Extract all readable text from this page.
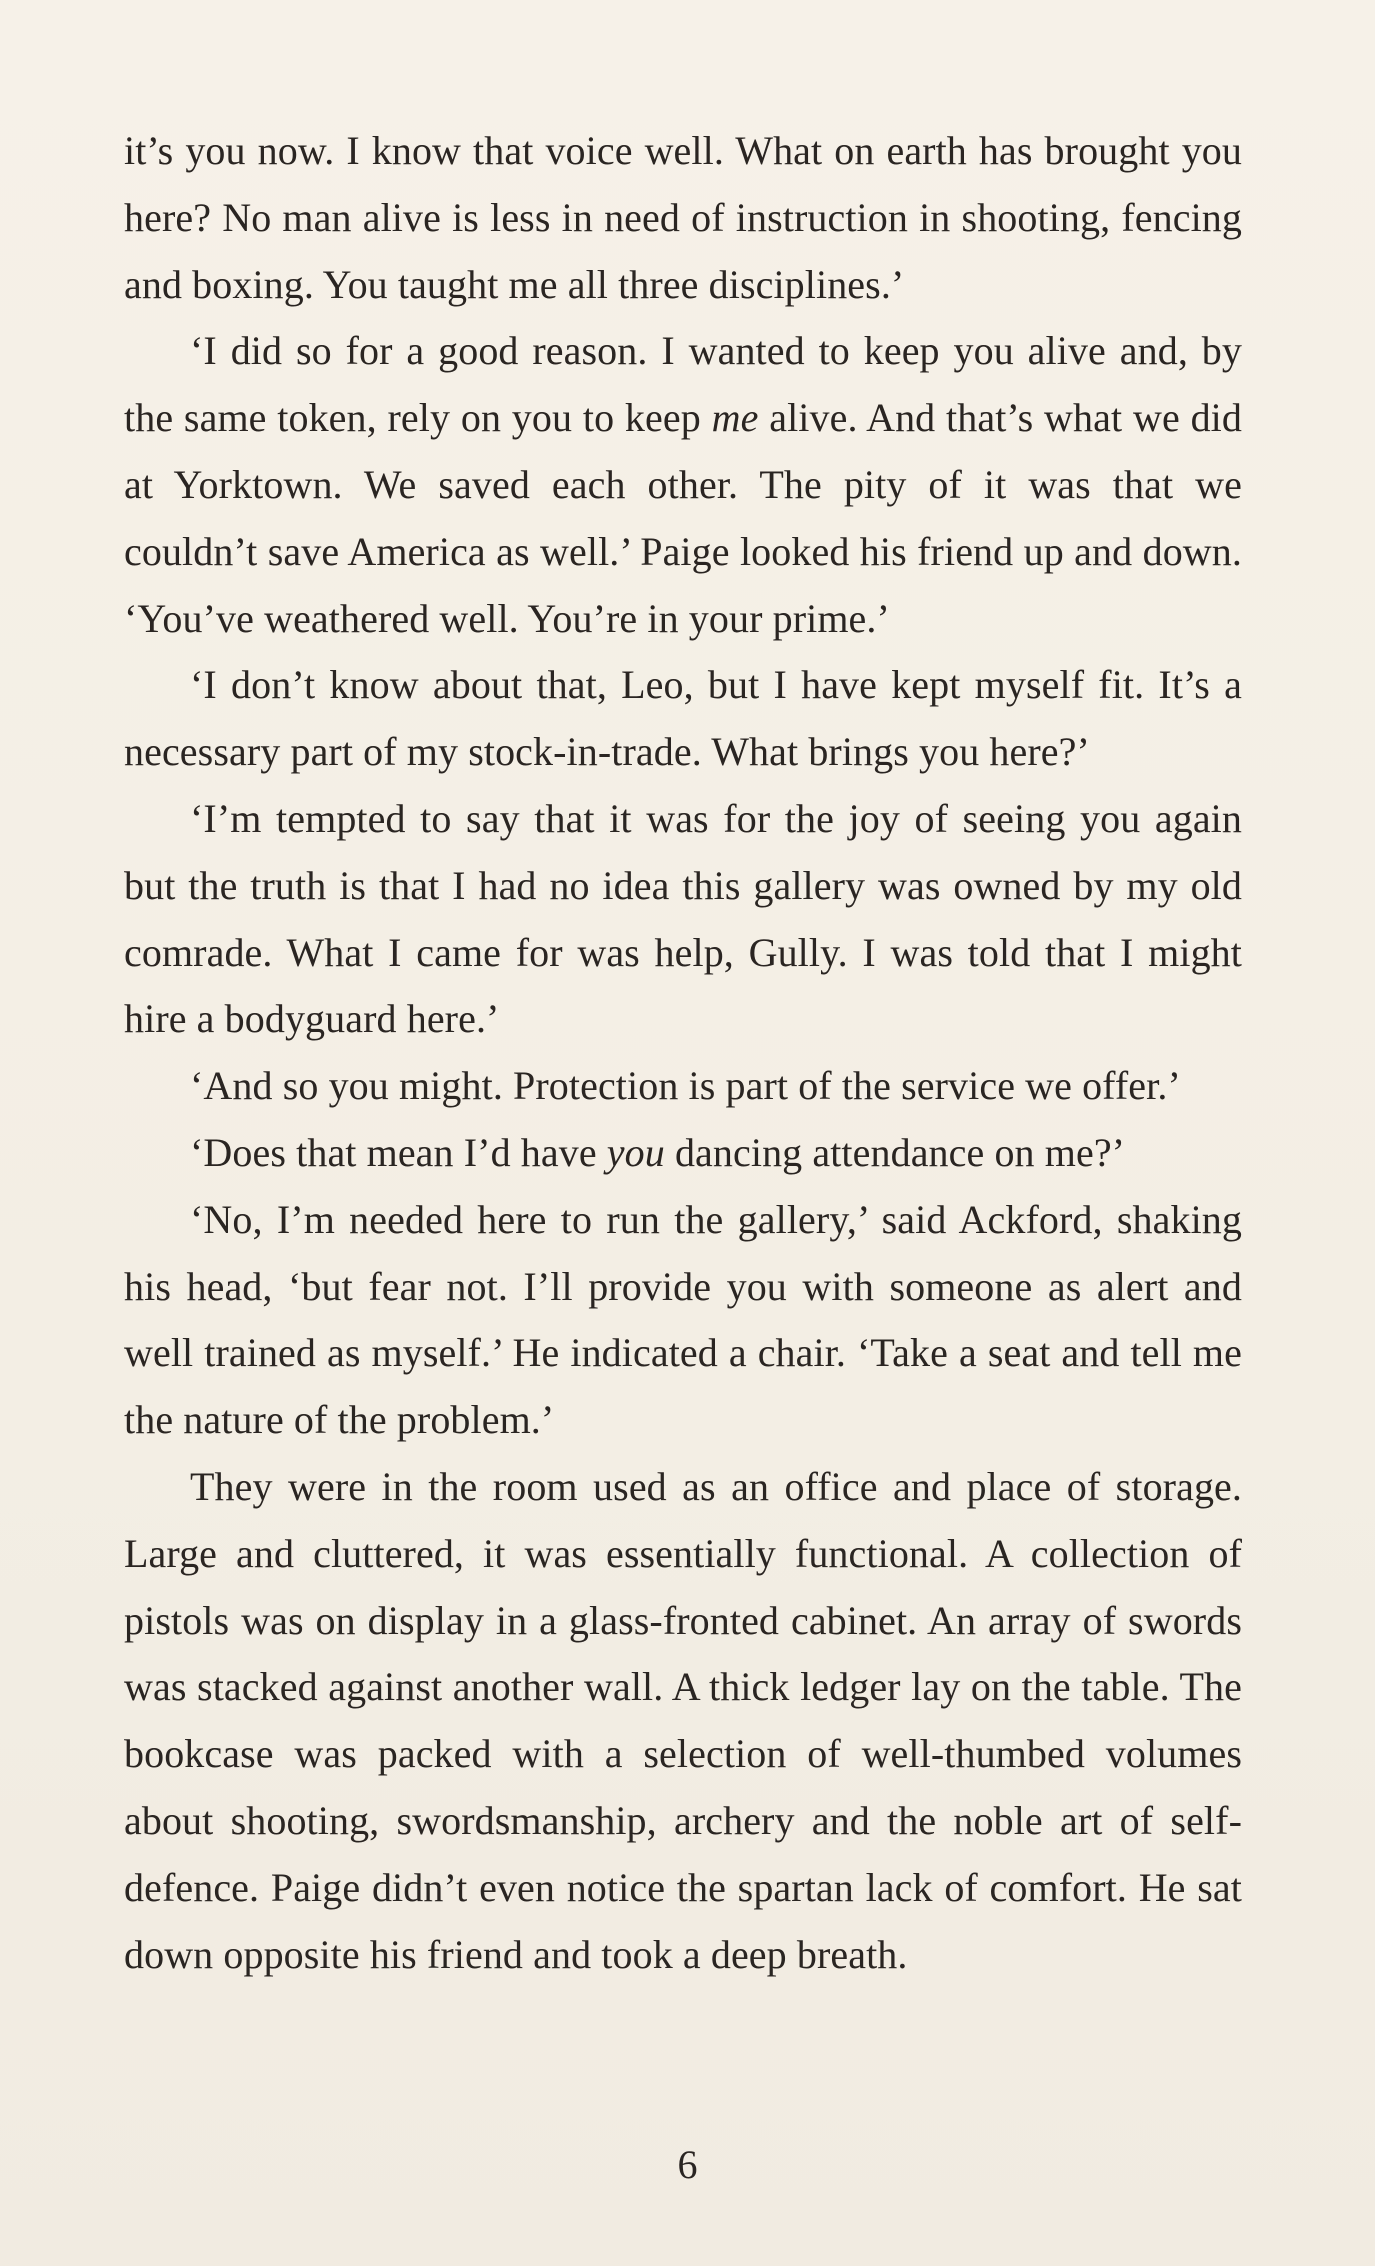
it’s you now. I know that voice well. What on earth has brought you here? No man alive is less in need of instruction in shooting, fencing and boxing. You taught me all three disciplines.’

‘I did so for a good reason. I wanted to keep you alive and, by the same token, rely on you to keep me alive. And that’s what we did at Yorktown. We saved each other. The pity of it was that we couldn’t save America as well.’ Paige looked his friend up and down. ‘You’ve weathered well. You’re in your prime.’

‘I don’t know about that, Leo, but I have kept myself fit. It’s a necessary part of my stock-in-trade. What brings you here?’

‘I’m tempted to say that it was for the joy of seeing you again but the truth is that I had no idea this gallery was owned by my old comrade. What I came for was help, Gully. I was told that I might hire a bodyguard here.’

‘And so you might. Protection is part of the service we offer.’

‘Does that mean I’d have you dancing attendance on me?’

‘No, I’m needed here to run the gallery,’ said Ackford, shaking his head, ‘but fear not. I’ll provide you with someone as alert and well trained as myself.’ He indicated a chair. ‘Take a seat and tell me the nature of the problem.’

They were in the room used as an office and place of storage. Large and cluttered, it was essentially functional. A collection of pistols was on display in a glass-fronted cabinet. An array of swords was stacked against another wall. A thick ledger lay on the table. The bookcase was packed with a selection of well-thumbed volumes about shooting, swordsmanship, archery and the noble art of self-defence. Paige didn’t even notice the spartan lack of comfort. He sat down opposite his friend and took a deep breath.

6
